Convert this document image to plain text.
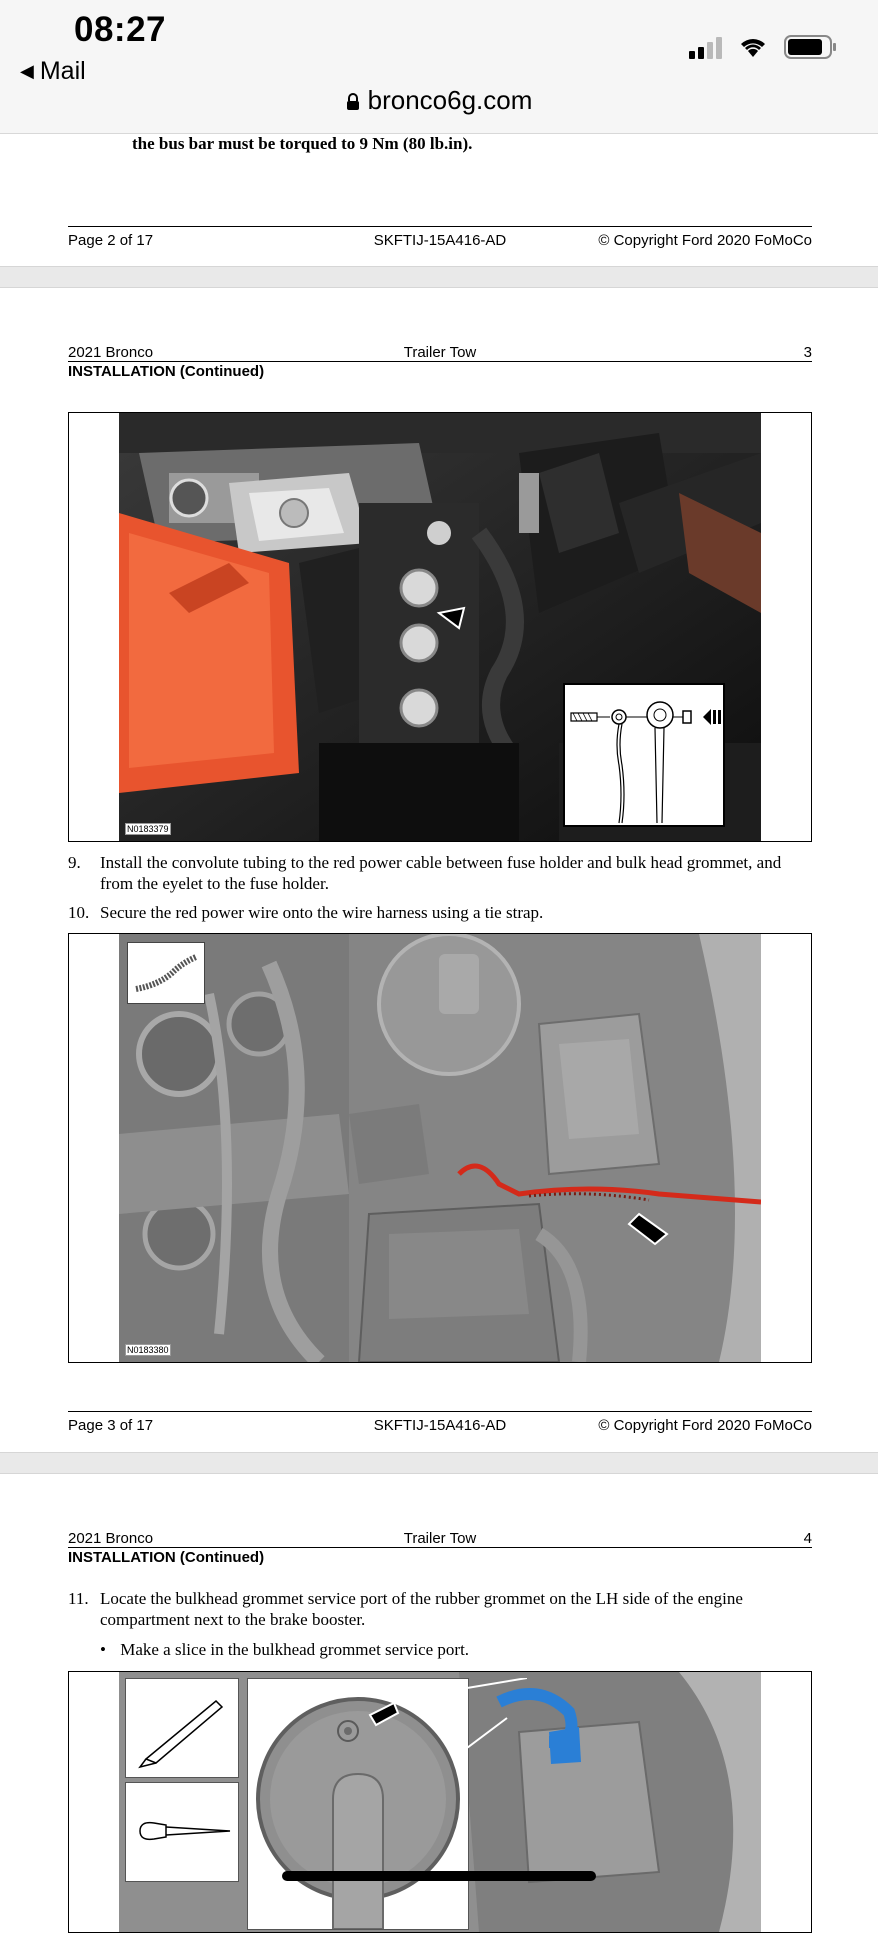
08:27
◀ Mail
bronco6g.com
the bus bar must be torqued to 9 Nm (80 lb.in).
Page 2 of 17	SKFTIJ-15A416-AD	© Copyright Ford 2020 FoMoCo
2021 Bronco	Trailer Tow	3
INSTALLATION (Continued)
N0183379
9. Install the convolute tubing to the red power cable between fuse holder and bulk head grommet, and from the eyelet to the fuse holder.
10. Secure the red power wire onto the wire harness using a tie strap.
N0183380
Page 3 of 17	SKFTIJ-15A416-AD	© Copyright Ford 2020 FoMoCo
2021 Bronco	Trailer Tow	4
INSTALLATION (Continued)
11. Locate the bulkhead grommet service port of the rubber grommet on the LH side of the engine compartment next to the brake booster.
• Make a slice in the bulkhead grommet service port.
